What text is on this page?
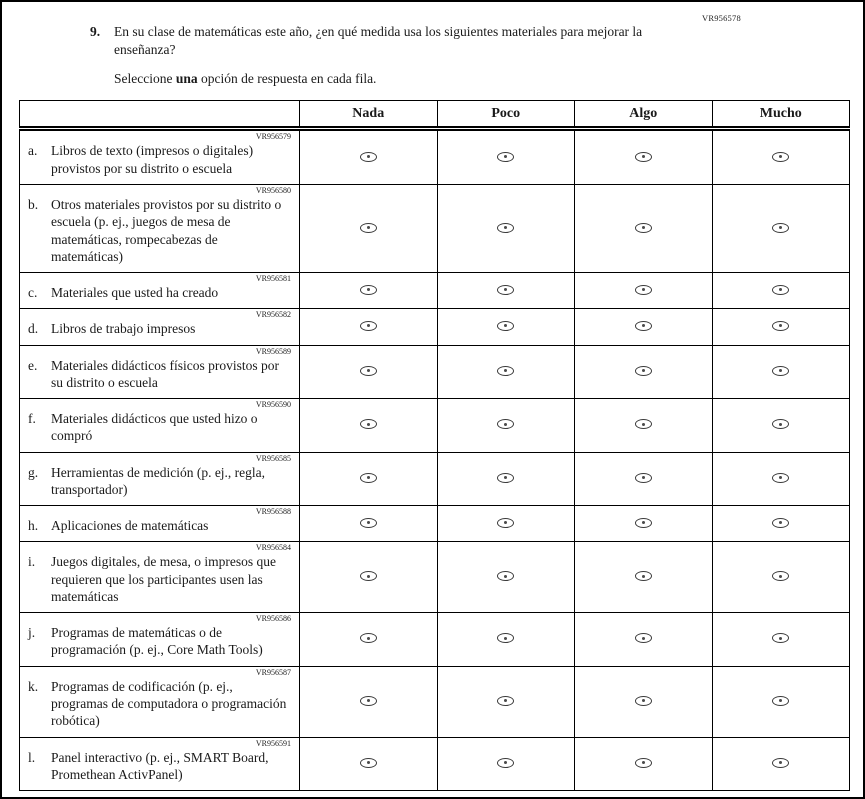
VR956578
9.	En su clase de matemáticas este año, ¿en qué medida usa los siguientes materiales para mejorar la enseñanza?
Seleccione una opción de respuesta en cada fila.
	Nada	Poco	Algo	Mucho

VR956579
a. Libros de texto (impresos o digitales) provistos por su distrito o escuela				

VR956580
b. Otros materiales provistos por su distrito o escuela (p. ej., juegos de mesa de matemáticas, rompecabezas de matemáticas)				

VR956581
c. Materiales que usted ha creado				

VR956582
d. Libros de trabajo impresos				

VR956589
e. Materiales didácticos físicos provistos por su distrito o escuela				

VR956590
f. Materiales didácticos que usted hizo o compró				

VR956585
g. Herramientas de medición (p. ej., regla, transportador)				

VR956588
h. Aplicaciones de matemáticas				

VR956584
i. Juegos digitales, de mesa, o impresos que requieren que los participantes usen las matemáticas				

VR956586
j. Programas de matemáticas o de programación (p. ej., Core Math Tools)				

VR956587
k. Programas de codificación (p. ej., programas de computadora o programación robótica)				

VR956591
l. Panel interactivo (p. ej., SMART Board, Promethean ActivPanel)				
